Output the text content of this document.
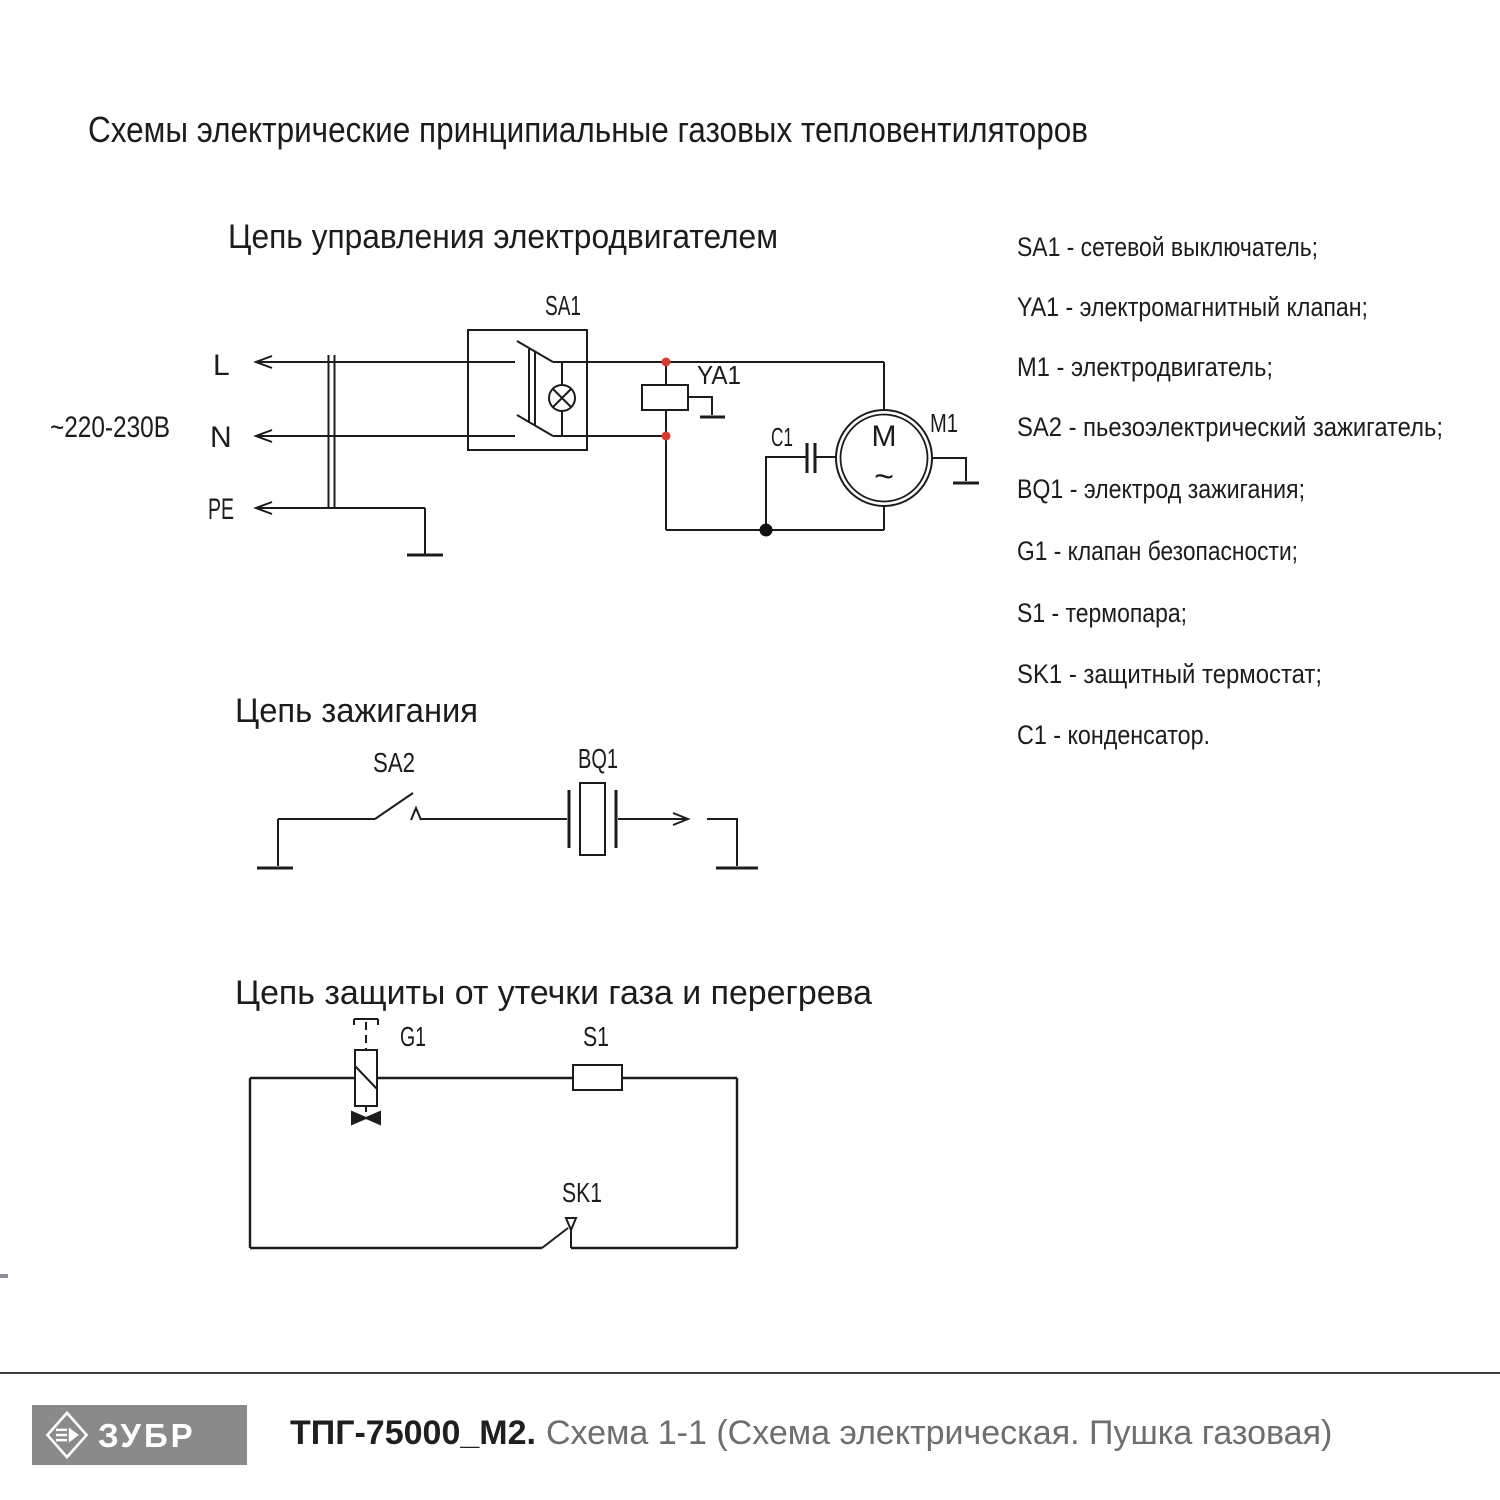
Схемы электрические принципиальные газовых тепловентиляторов
Цепь управления электродвигателем
~220-230В
L
N
PE
SA1
YA1
C1	M
~
M1
Цепь зажигания
SA2	BQ1
Цепь защиты от утечки газа и перегрева
G1	S1
SK1
SA1 - сетевой выключатель;
YA1 - электромагнитный клапан;
M1 - электродвигатель;
SA2 - пьезоэлектрический зажигатель;
BQ1 - электрод зажигания;
G1 - клапан безопасности;
S1 - термопара;
SK1 - защитный термостат;
C1 - конденсатор.
ЗУБР	ТПГ-75000_М2. Схема 1-1 (Схема электрическая. Пушка газовая)
